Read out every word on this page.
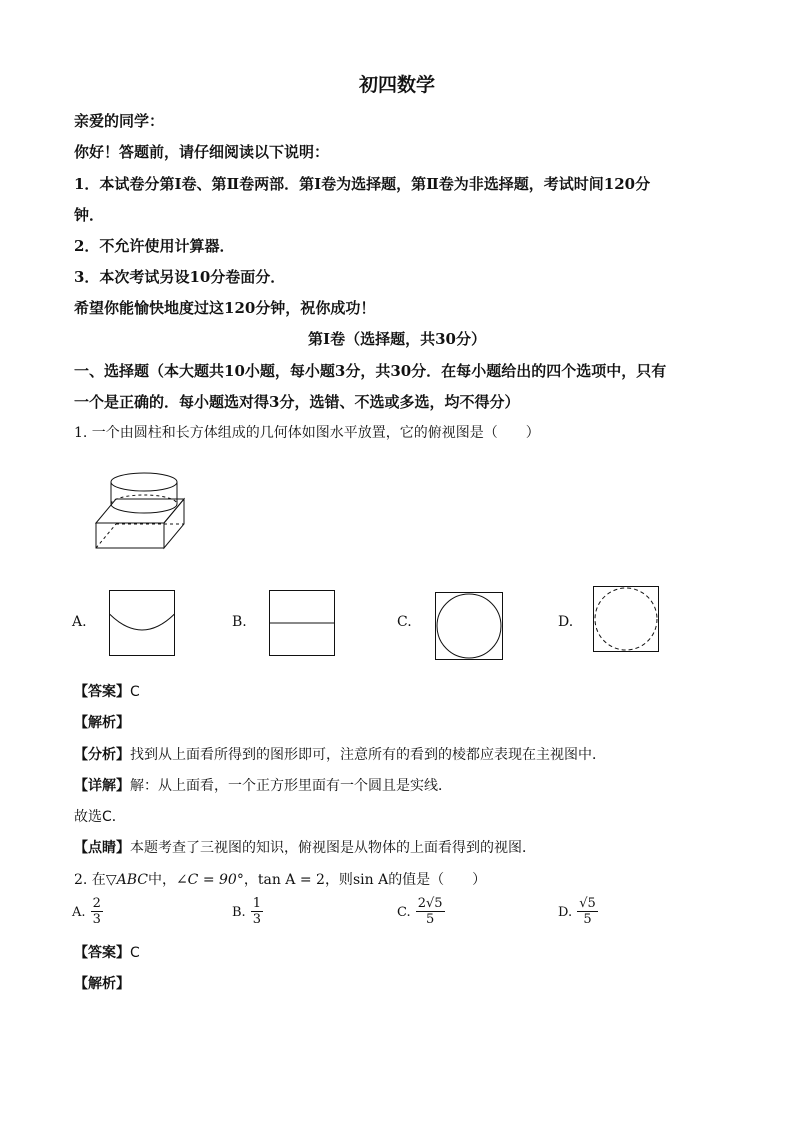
初四数学
亲爱的同学：
你好！答题前，请仔细阅读以下说明：
1．本试卷分第Ⅰ卷、第Ⅱ卷两部．第Ⅰ卷为选择题，第Ⅱ卷为非选择题，考试时间120分
钟．
2．不允许使用计算器．
3．本次考试另设10分卷面分．
希望你能愉快地度过这120分钟，祝你成功！
第Ⅰ卷（选择题，共30分）
一、选择题（本大题共10小题，每小题3分，共30分．在每小题给出的四个选项中，只有
一个是正确的．每小题选对得3分，选错、不选或多选，均不得分）
1. 一个由圆柱和长方体组成的几何体如图水平放置，它的俯视图是（　　）
A.	B.	C.	D.
【答案】C
【解析】
【分析】找到从上面看所得到的图形即可，注意所有的看到的棱都应表现在主视图中．
【详解】解：从上面看，一个正方形里面有一个圆且是实线．
故选C．
【点睛】本题考查了三视图的知识，俯视图是从物体的上面看得到的视图．
2. 在▽ABC中，∠C = 90°，tan A = 2，则sin A的值是（　　）
A. $\frac{2}{3}$	B. $\frac{1}{3}$	C. $\frac{2√5}{5}$	D. $\frac{√5}{5}$
【答案】C
【解析】
